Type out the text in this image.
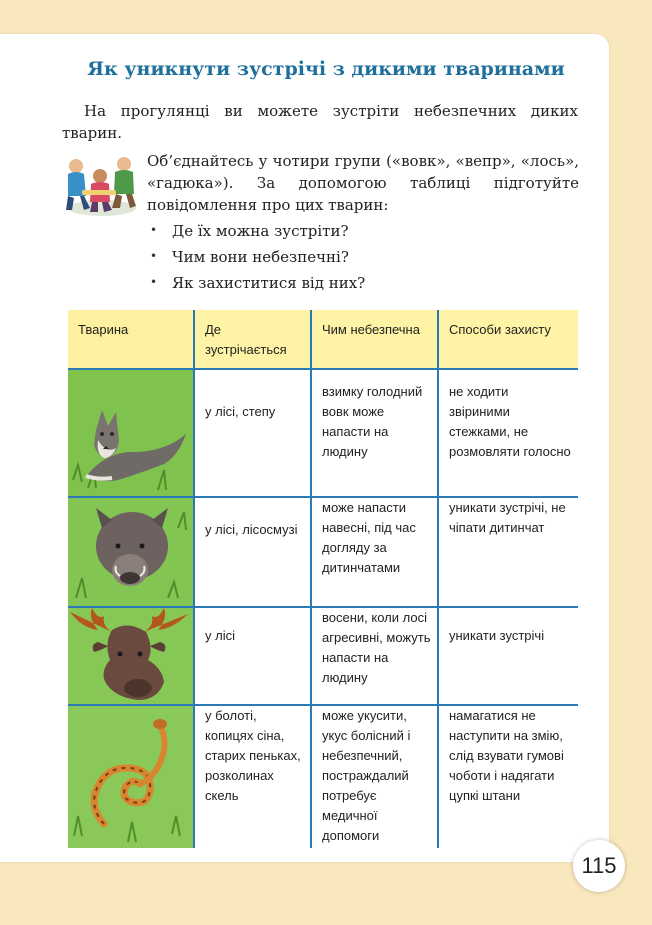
Як уникнути зустрічі з дикими тваринами

На прогулянці ви можете зустріти небезпечних диких тварин.

Об’єднайтесь у чотири групи («вовк», «вепр», «лось», «гадюка»). За допомогою таблиці підготуйте повідомлення про цих тварин:

• Де їх можна зустріти?
• Чим вони небезпечні?
• Як захиститися від них?
Тварина	Де зустрічається
Чим небезпечна	Способи захисту
у лісі, степу
взимку голодний вовк може напасти на людину
не ходити звіриними стежками, не розмовляти голосно
у лісі, лісосмузі
може напасти навесні, під час догляду за дитинчатами
уникати зустрічі, не чіпати дитинчат
у лісі
восени, коли лосі агресивні, можуть напасти на людину
уникати зустрічі
у болоті, копицях сіна, старих пеньках, розколинах скель
може укусити, укус болісний і небезпечний, постраждалий потребує медичної допомоги
намагатися не наступити на змію, слід взувати гумові чоботи і надягати цупкі штани
115
